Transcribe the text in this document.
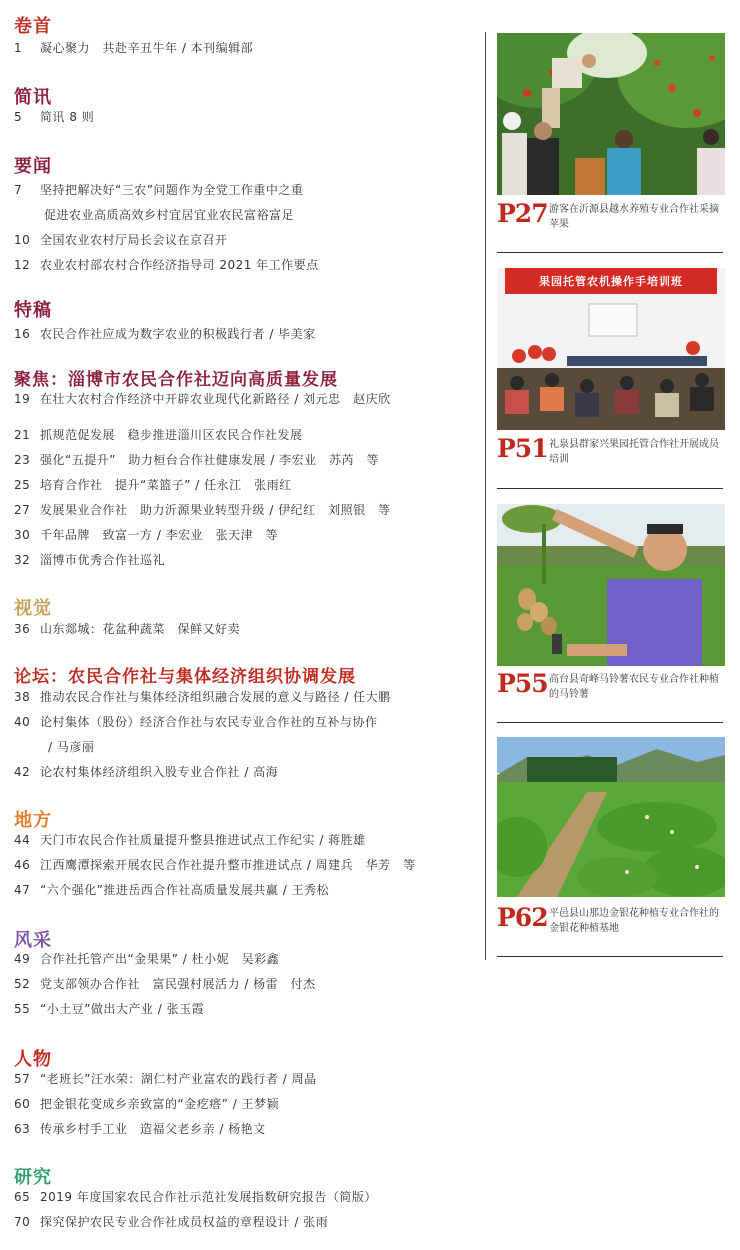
卷首
1 凝心聚力　共赴辛丑牛年 / 本刊编辑部
简讯
5 简讯 8 则
要闻
7 坚持把解决好“三农”问题作为全党工作重中之重
促进农业高质高效乡村宜居宜业农民富裕富足
10 全国农业农村厅局长会议在京召开
12 农业农村部农村合作经济指导司 2021 年工作要点
特稿
16 农民合作社应成为数字农业的积极践行者 / 毕美家
聚焦：淄博市农民合作社迈向高质量发展
19 在壮大农村合作经济中开辟农业现代化新路径 / 刘元忠　赵庆欣
21 抓规范促发展　稳步推进淄川区农民合作社发展
23 强化“五提升”　助力桓台合作社健康发展 / 李宏业　苏芮　等
25 培育合作社　提升“菜篮子” / 任永江　张雨红
27 发展果业合作社　助力沂源果业转型升级 / 伊纪红　刘照银　等
30 千年品牌　致富一方 / 李宏业　张天津　等
32 淄博市优秀合作社巡礼
视觉
36 山东郯城：花盆种蔬菜　保鲜又好卖
论坛：农民合作社与集体经济组织协调发展
38 推动农民合作社与集体经济组织融合发展的意义与路径 / 任大鹏
40 论村集体（股份）经济合作社与农民专业合作社的互补与协作
/ 马彦丽
42 论农村集体经济组织入股专业合作社 / 高海
地方
44 天门市农民合作社质量提升整县推进试点工作纪实 / 蒋胜雄
46 江西鹰潭探索开展农民合作社提升整市推进试点 / 周建兵　华芳　等
47 “六个强化”推进岳西合作社高质量发展共赢 / 王秀松
风采
49 合作社托管产出“金果果” / 杜小妮　吴彩鑫
52 党支部领办合作社　富民强村展活力 / 杨雷　付杰
55 “小土豆”做出大产业 / 张玉霞
人物
57 “老班长”汪水荣：湖仁村产业富农的践行者 / 周晶
60 把金银花变成乡亲致富的“金疙瘩” / 王梦颖
63 传承乡村手工业　造福父老乡亲 / 杨艳文
研究
65 2019 年度国家农民合作社示范社发展指数研究报告（简版）
70 探究保护农民专业合作社成员权益的章程设计 / 张雨
P27 游客在沂源县越水养殖专业合作社采摘苹果
果园托管农机操作手培训班
P51 礼泉县群家兴果园托管合作社开展成员培训
P55 高台县奇峰马铃薯农民专业合作社种植的马铃薯
P62 平邑县山那边金银花种植专业合作社的金银花种植基地
